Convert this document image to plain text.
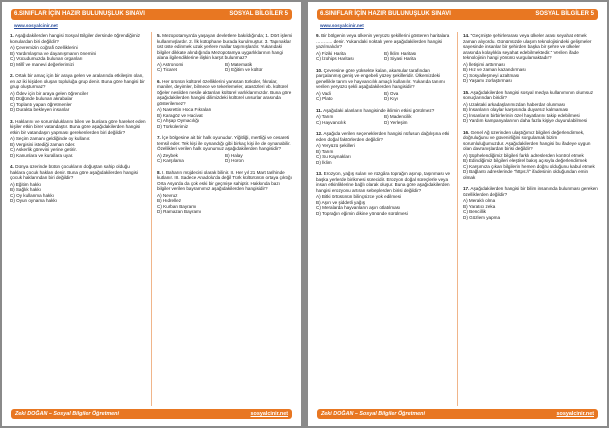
6.SINIFLAR İÇİN HAZIR BULUNUŞLUK SINAVI	SOSYAL BİLGİLER 5
www.sosyalcinir.net

1. Aşağıdakilerden hangisi Sosyal Bilgiler dersinde öğrendiğimiz konulardan biri değildir?

A) Çevremizin coğrafi özelliklerini
B) Yardımlaşma ve dayanışmanın önemini
C) Vücudumuzda bulunan organları
D) Millî ve manevi değerlerimizi

2. Ortak bir amaç için bir araya gelen ve aralarında etkileşim olan, en az iki kişiden oluşan topluluğa grup denir. Buna göre hangisi bir grup oluşturmaz?

A) Ödev için bir araya gelen öğrenciler
B) Düğünde bulunan akrabalar
C) Toplantı yapan öğretmenler
D) Durakta bekleyen insanlar

3. Haklarını ve sorumluluklarını bilen ve bunlara göre hareket eden kişiler etkin birer vatandaştır. Buna göre aşağıdakilerden hangisi etkin bir vatandaşın yapması gerekenlerden biri değildir?

A) Seçim zamanı geldiğinde oy kullanır.
B) Vergisini istediği zaman öder.
C) Askerlik görevini yerine getirir.
D) Kanunlara ve kurallara uyar.

4. Dünya üzerinde bütün çocukların doğuştan sahip olduğu haklara çocuk hakları denir. Buna göre aşağıdakilerden hangisi çocuk haklarından biri değildir?

A) Eğitim hakkı
B) Sağlık hakkı
C) Oy kullanma hakkı
D) Oyun oynama hakkı

5. Mezopotamya'da yaşayan devletlere bakıldığında; 1. Dört işlemi kullanmışlardır. 2. İlk kütüphane burada kurulmuştur. 3. Tapınaklar üst üste edinmek uzak yerlere mallar taşımışlardır. Yukarıdaki bilgiler dikkate alındığında Mezopotamya uygarlıklarının hangi alana ilgilendiklerine ilişkin karşıt bulunmaz?

A) Astronomi	B) Matematik
C) Ticaret	D) Eğitim ve kültür

6. Her ürünün kültürel özelliklerini yansıtan türküler, fıkralar, maniler, deyimler, bilmece ve tekerlemeler, atasözleri vb. kültürel öğeler nesilden nesile aktarılan kültürel varlıklarımızdır. Buna göre aşağıdakilerden hangisi dilimizdeki kültürel unsurlar arasında gösterilemez?

A) Nasrettin Hoca Fıkraları
B) Karagöz ve Hacivat
C) Ahşap Oymacılığı
D) Türkülerimiz

7. İçe bölgesine ait bir halk oyunudur. Yiğitliği, mertliği ve cesareti temsil eder. Tek kişi ile oynandığı gibi birkaç kişi ile de oynanabilir. Özellikleri verilen halk oyunumuz aşağıdakilerden hangisidir?

A) Zeybek	B) Halay
C) Karşılama	D) Horon

8. I. Baharın müjdecisi olarak bilinir. II. Her yıl 21 Mart tarihinde kutlanır. III. Sadece Anadolu'da değil Türk kültürünün ortaya çıktığı Orta Asya'da da çok eski bir geçmişe sahiptir. Hakkında bazı bilgiler verilen bayramımız aşağıdakilerden hangisidir?

A) Nevruz
B) Hıdrellez
C) Kurban Bayramı
D) Ramazan Bayramı
Zeki DOĞAN – Sosyal Bilgiler Öğretmeni	sosyalcinir.net
6.SINIFLAR İÇİN HAZIR BULUNUŞLUK SINAVI	SOSYAL BİLGİLER 5
www.sosyalcinir.net

9. Bir bölgenin veya ülkenin yeryüzü şekillerini gösteren haritalara ……….. denir. Yukarıdaki noktalı yere aşağıdakilerden hangisi yazılmalıdır?

A) Fiziki Harita	B) İklim Haritası
C) İzohips Haritası	D) Siyasi Harita

10. Çevresine göre yüksekte kalan, akarsular tarafından parçalanmış geniş ve engebeli yüzey şekilleridir. Ülkemizdeki genellikle tarım ve hayvancılık amaçlı kullanılır. Yukarıda tanımı verilen yeryüzü şekli aşağıdakilerden hangisidir?

A) Vadi	B) Ova
C) Plato	D) Kıyı

11. Aşağıdaki alanların hangisinde iklimin etkisi görülmez?

A) Tarım	B) Madencilik
C) Hayvancılık	D) Yerleşim

12. Aşağıda verilen seçeneklerden hangisi nüfusun dağılışına etki eden doğal faktörlerden değildir?

A) Yeryüzü şekilleri
B) Tarım
C) Su Kaynakları
D) İklim

13. Erozyon, yağış suları ve rüzgâra toprağın aşınıp, taşınması ve başka yerlerde birikmesi sürecidir. Erozyon doğal süreçlerle veya insan etkinliklerine bağlı olarak oluşur. Buna göre aşağıdakilerden hangisi erozyonu artıran sebeplerden birisi değildir?

A) Bitki örtüsünün bilinçsizce yok edilmesi
B) Aşırı ve şiddetli yağış
C) Meralarda hayvanların aşırı otlatılması
D) Toprağın eğimin dikine yönünde sürülmesi

14. "Geçmişte şehirlerarası veya ülkeler arası seyahat etmek zaman alıyordu. Günümüzde ulaşım teknolojisindeki gelişmeler sayesinde insanlar bir şehirden başka bir şehre ve ülkeler arasında kolaylıkla seyahat edebilmektedir." Verilen ifade teknolojinin hangi yönünü vurgulamaktadır?

A) İletişimi arttırması
B) Hız ve zaman kazandırması
C) Sosyalleşmeyi azaltması
D) Yaşamı zorlaştırması

15. Aşağıdakilerden hangisi sosyal medya kullanımının olumsuz sonuçlarından biridir?

A) Uzaktaki arkadaşlarımızdan haberdar olunması
B) İnsanların olaylar karşısında duyarsız kalmaması
C) İnsanların birbirlerinin özel hayatlarını takip edebilmesi
D) Yardım kampanyalarının daha fazla kişiye duyurulabilmesi

16. Genel Ağ üzerinden ulaştığımız bilgileri değerlendirmek, doğruluğunu ve güvenirliğini sorgulamak bizim sorumluluğumuzdur. Aşağıdakilerden hangisi bu ifadeye uygun olan davranışlardan birisi değildir?

A) Şüphelendiğimiz bilgileri farklı adreslerden kontrol etmek
B) Edindiğimiz bilgileri eleştirel bakış açısıyla değerlendirmek
C) Karşımıza çıkan bilgilerin hemen doğru olduğunu kabul etmek
D) Bağlantı adreslerinde "https://" ifadesinin olduğundan emin olmak

17. Aşağıdakilerden hangisi bir bilim insanında bulunması gereken özelliklerden değildir?

A) Meraklı olma
B) Yaratıcı zeka
C) Bencillik
D) Gözlem yapma
Zeki DOĞAN – Sosyal Bilgiler Öğretmeni	sosyalcinir.net
